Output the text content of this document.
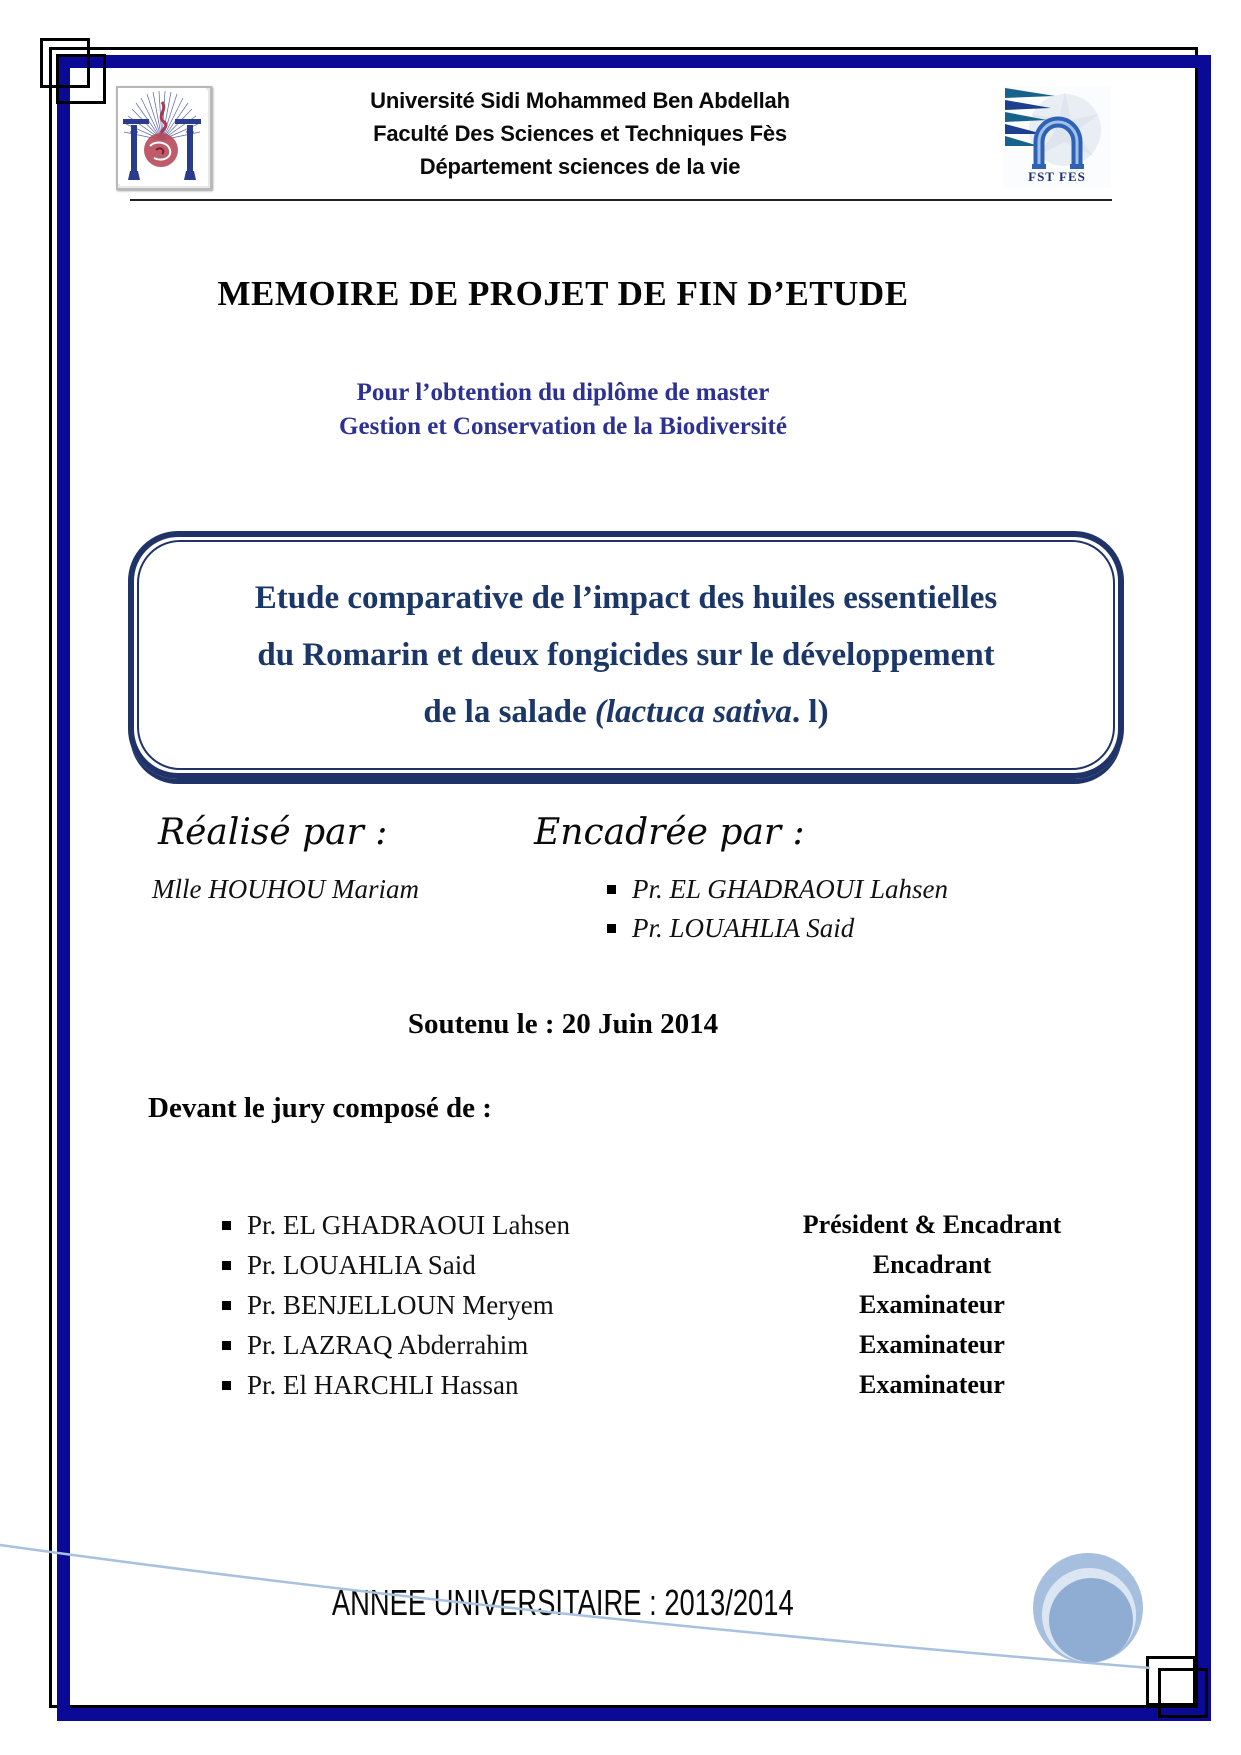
Université Sidi Mohammed Ben Abdellah
Faculté Des Sciences et Techniques Fès
Département sciences de la vie	FST FES
MEMOIRE DE PROJET DE FIN D’ETUDE
Pour l’obtention du diplôme de master
Gestion et Conservation de la Biodiversité
Etude comparative de l’impact des huiles essentielles
du Romarin et deux fongicides sur le développement
de la salade (lactuca sativa. l)
Réalisé par :	Encadrée par :
Mlle HOUHOU Mariam	Pr. EL GHADRAOUI Lahsen
Pr. LOUAHLIA Said
Soutenu le : 20 Juin 2014
Devant le jury composé de :
Pr. EL GHADRAOUI Lahsen	Président & Encadrant
Pr. LOUAHLIA Said	Encadrant
Pr. BENJELLOUN Meryem	Examinateur
Pr. LAZRAQ Abderrahim	Examinateur
Pr. El HARCHLI Hassan	Examinateur
ANNEE UNIVERSITAIRE : 2013/2014
